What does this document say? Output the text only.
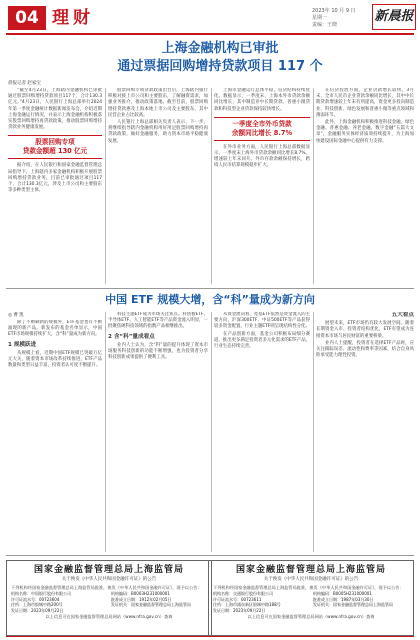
04 理财	2023年 10 月 9 日
星期一
责编：王晓
新晨报
上海金融机构已审批
通过票据回购增持贷款项目 117 个
晨报记者 赵家宝

“截至4月23日，上海辖内金融机构已审批通过股票回购增持贷款项目117个，合计130.3亿元。”4月23日，人民银行上海总部举行2024年第一季度金融统计数据新闻发布会，介绍近期上海金融运行情况，并表示上海金融机构积极落实股票回购增持再贷款政策，推动股票回购增持贷款业务健康发展。

股票回购专项
贷款金额超 130 亿元

据介绍，在人民银行和国家金融监督管理总局指导下，上海辖内多家金融机构积极开展股票回购增持贷款业务，目前已审批通过项目117个，合计130.3亿元，涉及上市公司和主要股东等多种类型主体。

股票回购专项贷款政策出台后，上海辖内银行积极对接上市公司和主要股东，了解融资需求，加强业务推介，推动政策落地。截至目前，股票回购增持贷款惠及上海本地上市公司及主要股东，其中民营企业占比较高。

人民银行上海总部相关负责人表示，下一步，将继续指导辖内金融机构用好用足股票回购增持再贷款政策，做好金融服务，助力资本市场平稳健康发展。

上海市金融运行总体平稳，信贷结构持续优化。数据显示，一季度末，上海本外币贷款余额同比增长，其中制造业中长期贷款、普惠小微贷款和科技型企业贷款保持较快增长。

一季度全市外币贷款
余额同比增长 8.7%

在外币业务方面，人民银行上海总部数据显示，一季度末上海外币贷款余额同比增长8.7%，增速较上年末回升。外币存款余额保持增长，跨境人民币结算规模稳步扩大。

在信贷投放方面，企业贷款增长较快。3月末，全市人民币企业贷款余额同比增长，其中中长期贷款增速较上年末有所提高，资金更多投向制造业、科技创新、绿色发展和普惠小微等重点领域和薄弱环节。

此外，上海金融机构积极推进科技金融、绿色金融、普惠金融、养老金融、数字金融“五篇大文章”，金融服务实体经济质效持续提升，为上海加快建设国际金融中心提供有力支撑。

中国 ETF 规模大增，含“科”量成为新方向
◎ 曹 凯

除了不断刷新的规模外，ETF基金也有不断涌现的新产品。新发布的基金名单显示，中国ETF市场规模持续扩大，含“科”量成为新方向。

1 规模跃进

从规模上看，近期中国ETF规模已突破万亿元大关，随着资本市场改革持续推进，ETF产品数量和类型日益丰富，投资者认可度不断提升。

科技主题ETF成为市场关注焦点。科创板ETF、半导体ETF、人工智能ETF等产品资金流入明显，一批聚焦硬科技领域的指数产品相继推出。

2 含“科”量成看点

业内人士认为，含“科”量的提升体现了资本市场服务科技创新的功能不断增强，也为投资者分享科技创新成果提供了便利工具。

从资金流向看，宽基ETF依然是资金流入的主要方向，沪深300ETF、中证500ETF等产品获得较多资金配置，行业主题ETF则呈现结构性分化。

在产品创新方面，基金公司积极布局细分赛道，推出更多满足投资者多元化需求的ETF产品，行业生态持续完善。

五大看点

展望未来，ETF市场仍有较大发展空间。随着长期资金入市、投资者结构优化，ETF有望成为连接资本市场与居民财富的重要桥梁。

业内人士提醒，投资者在选择ETF产品时，应关注跟踪误差、流动性和费率等因素，结合自身风险承受能力理性投资。

国家金融监督管理总局上海监管局
关于换发《中华人民共和国金融许可证》的公告
下列机构经国家金融监督管理总局上海监管局批准，换发《中华人民共和国金融许可证》，现予以公告：
机构名称：中国银行股份有限公司	机构编码：B0003H231000001
许可证流水号：00723604	批准成立日期：1912年02月05日
住所：上海市银城中路200号	发证机关：国家金融监督管理总局上海监管局
发证日期：2023年09月22日
以上信息可在国家金融监督管理总局网站（www.nfra.gov.cn）查询
国家金融监督管理总局上海监管局
关于换发《中华人民共和国金融许可证》的公告
下列机构经国家金融监督管理总局上海监管局批准，换发《中华人民共和国金融许可证》，现予以公告：
机构名称：交通银行股份有限公司	机构编码：B0005H231000001
许可证流水号：00723611	批准成立日期：1987年03月30日
住所：上海市浦东新区银城中路188号	发证机关：国家金融监督管理总局上海监管局
发证日期：2023年09月22日
以上信息可在国家金融监督管理总局网站（www.nfra.gov.cn）查询
